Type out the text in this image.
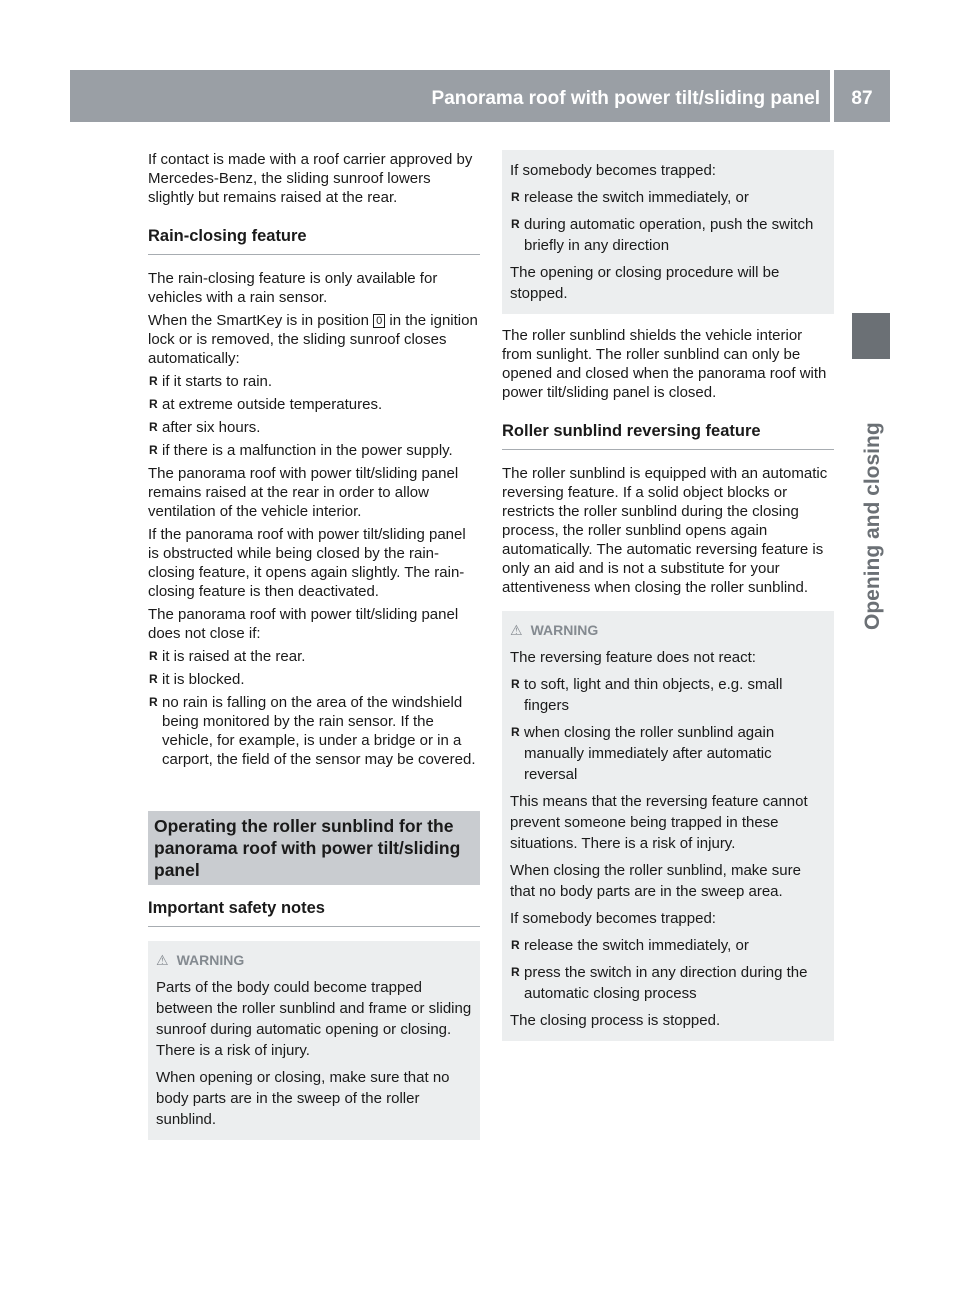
Panorama roof with power tilt/sliding panel	87
Opening and closing

If contact is made with a roof carrier approved by Mercedes-Benz, the sliding sunroof lowers slightly but remains raised at the rear.

Rain-closing feature

The rain-closing feature is only available for vehicles with a rain sensor.

When the SmartKey is in position 0 in the ignition lock or is removed, the sliding sunroof closes automatically:

R if it starts to rain.
R at extreme outside temperatures.
R after six hours.
R if there is a malfunction in the power supply.

The panorama roof with power tilt/sliding panel remains raised at the rear in order to allow ventilation of the vehicle interior.

If the panorama roof with power tilt/sliding panel is obstructed while being closed by the rain-closing feature, it opens again slightly. The rain-closing feature is then deactivated.

The panorama roof with power tilt/sliding panel does not close if:

R it is raised at the rear.
R it is blocked.
R no rain is falling on the area of the windshield being monitored by the rain sensor. If the vehicle, for example, is under a bridge or in a carport, the field of the sensor may be covered.
Operating the roller sunblind for the panorama roof with power tilt/sliding panel
Important safety notes
⚠ WARNING

Parts of the body could become trapped between the roller sunblind and frame or sliding sunroof during automatic opening or closing. There is a risk of injury.

When opening or closing, make sure that no body parts are in the sweep of the roller sunblind.

If somebody becomes trapped:

R release the switch immediately, or
R during automatic operation, push the switch briefly in any direction

The opening or closing procedure will be stopped.

The roller sunblind shields the vehicle interior from sunlight. The roller sunblind can only be opened and closed when the panorama roof with power tilt/sliding panel is closed.

Roller sunblind reversing feature

The roller sunblind is equipped with an automatic reversing feature. If a solid object blocks or restricts the roller sunblind during the closing process, the roller sunblind opens again automatically. The automatic reversing feature is only an aid and is not a substitute for your attentiveness when closing the roller sunblind.

⚠ WARNING

The reversing feature does not react:

R to soft, light and thin objects, e.g. small fingers
R when closing the roller sunblind again manually immediately after automatic reversal

This means that the reversing feature cannot prevent someone being trapped in these situations. There is a risk of injury.

When closing the roller sunblind, make sure that no body parts are in the sweep area.

If somebody becomes trapped:

R release the switch immediately, or
R press the switch in any direction during the automatic closing process

The closing process is stopped.
